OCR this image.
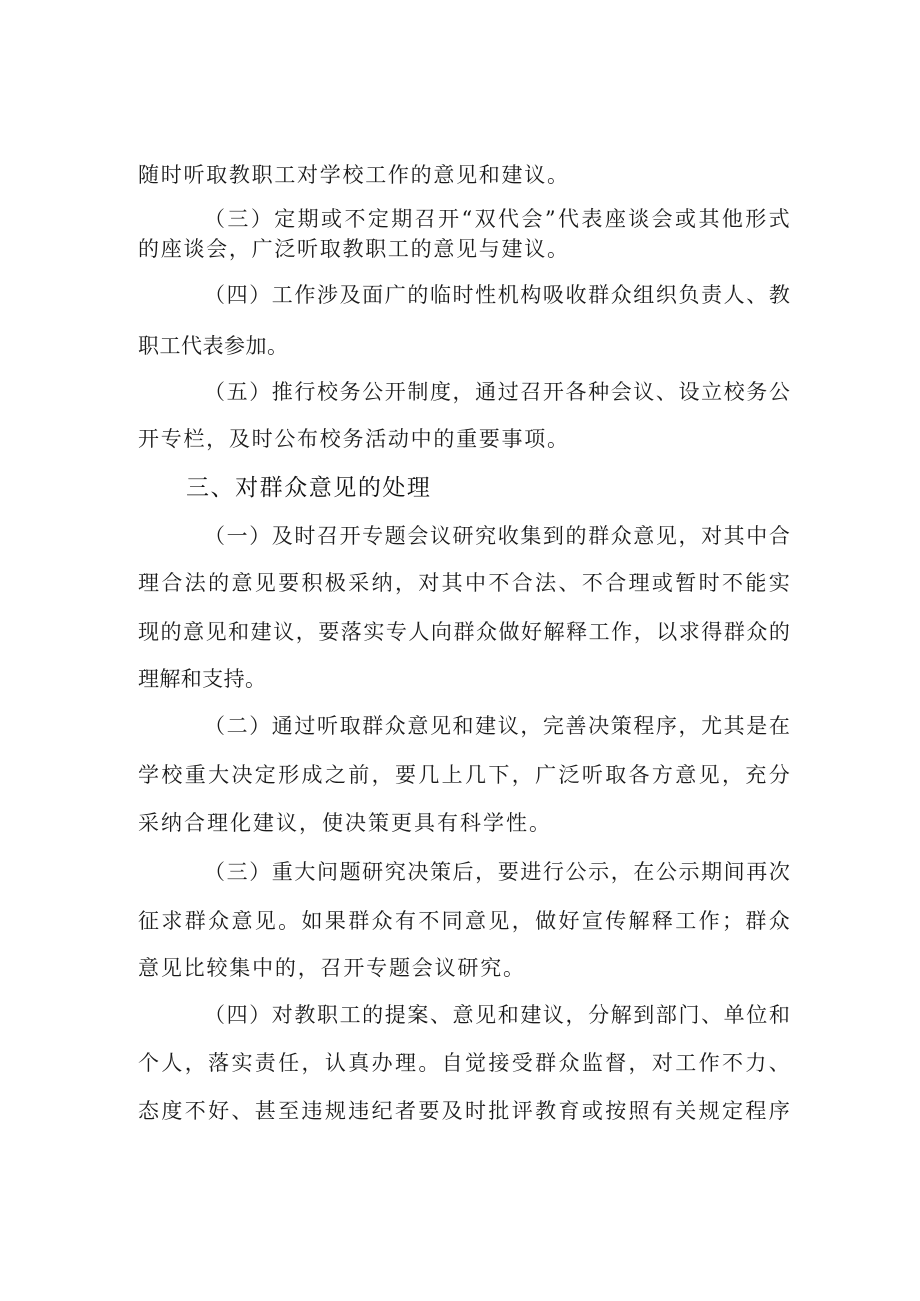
随 时 听 取 教 职 工 对 学 校 工 作 的 意 见 和 建 议 。
（ 三 ） 定 期 或 不 定 期 召 开 “ 双 代 会 ” 代 表 座 谈 会 或 其 他 形 式
的 座 谈 会 ， 广 泛 听 取 教 职 工 的 意 见 与 建 议 。
（ 四 ） 工 作 涉 及 面 广 的 临 时 性 机 构 吸 收 群 众 组 织 负 责 人 、 教
职 工 代 表 参 加 。
（ 五 ） 推 行 校 务 公 开 制 度 ， 通 过 召 开 各 种 会 议 、 设 立 校 务 公
开 专 栏 ， 及 时 公 布 校 务 活 动 中 的 重 要 事 项 。
三 、 对 群 众 意 见 的 处 理
（ 一 ） 及 时 召 开 专 题 会 议 研 究 收 集 到 的 群 众 意 见 ， 对 其 中 合
理 合 法 的 意 见 要 积 极 采 纳 ， 对 其 中 不 合 法 、 不 合 理 或 暂 时 不 能 实
现 的 意 见 和 建 议 ， 要 落 实 专 人 向 群 众 做 好 解 释 工 作 ， 以 求 得 群 众 的
理 解 和 支 持 。
（ 二 ） 通 过 听 取 群 众 意 见 和 建 议 ， 完 善 决 策 程 序 ， 尤 其 是 在
学 校 重 大 决 定 形 成 之 前 ， 要 几 上 几 下 ， 广 泛 听 取 各 方 意 见 ， 充 分
采 纳 合 理 化 建 议 ， 使 决 策 更 具 有 科 学 性 。
（ 三 ） 重 大 问 题 研 究 决 策 后 ， 要 进 行 公 示 ， 在 公 示 期 间 再 次
征 求 群 众 意 见 。 如 果 群 众 有 不 同 意 见 ， 做 好 宣 传 解 释 工 作 ； 群 众
意 见 比 较 集 中 的 ， 召 开 专 题 会 议 研 究 。
（ 四 ） 对 教 职 工 的 提 案 、 意 见 和 建 议 ， 分 解 到 部 门 、 单 位 和
个 人 ， 落 实 责 任 ， 认 真 办 理 。 自 觉 接 受 群 众 监 督 ， 对 工 作 不 力 、
态 度 不 好 、 甚 至 违 规 违 纪 者 要 及 时 批 评 教 育 或 按 照 有 关 规 定 程 序
